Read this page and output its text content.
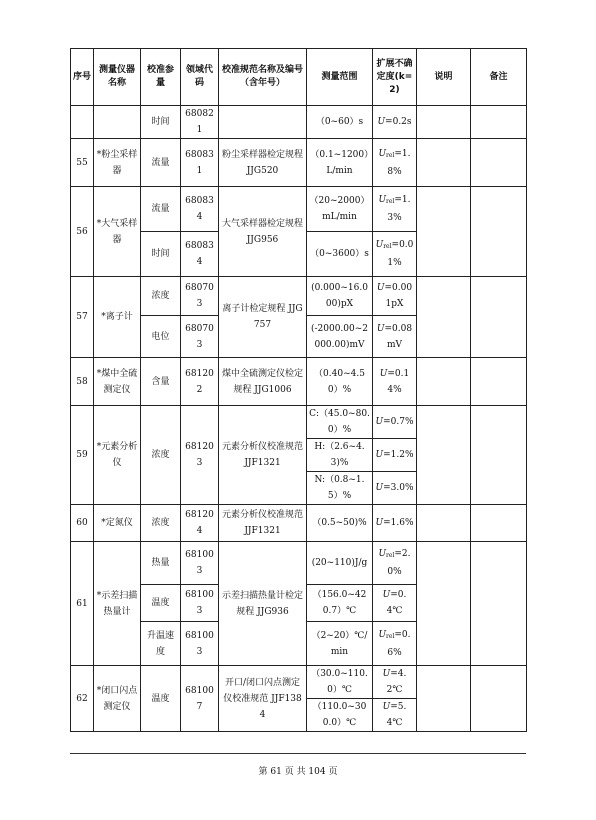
序号	测量仪器名称	校准参量	领域代码	校准规范名称及编号（含年号）	测量范围	扩展不确定度(k=2)	说明	备注
		时间	680821		（0~60）s	U=0.2s		
55	*粉尘采样器	流量	680831	粉尘采样器检定规程 JJG520	（0.1~1200）L/min	Urel=1.8%		
56	*大气采样器	流量	680834	大气采样器检定规程 JJG956	（20~2000）mL/min	Urel=1.3%		
		时间	680834		（0~3600）s	Urel=0.01%		
57	*离子计	浓度	680703	离子计检定规程 JJG 757	(0.000~16.000)pX	U=0.001pX		
		电位	680703		(-2000.00~2000.00)mV	U=0.08mV		
58	*煤中全硫测定仪	含量	681202	煤中全硫测定仪检定规程 JJG1006	（0.40~4.50）%	U=0.14%		
59	*元素分析仪	浓度	681203	元素分析仪校准规范 JJF1321	C:（45.0~80.0）%	U=0.7%		
					H:（2.6~4.3)%	U=1.2%		
					N:（0.8~1.5）%	U=3.0%		
60	*定氮仪	浓度	681204	元素分析仪校准规范 JJF1321	（0.5~50)%	U=1.6%		
61	*示差扫描热量计	热量	681003	示差扫描热量计检定规程 JJG936	(20~110)J/g	Urel=2.0%		
		温度	681003		（156.0~420.7）℃	U=0.4℃		
		升温速度	681003		（2~20）℃/min	Urel=0.6%		
62	*闭口闪点测定仪	温度	681007	开口/闭口闪点测定仪校准规范 JJF1384	（30.0~110.0）℃	U=4.2℃		
					（110.0~300.0）℃	U=5.4℃		
第 61 页 共 104 页
